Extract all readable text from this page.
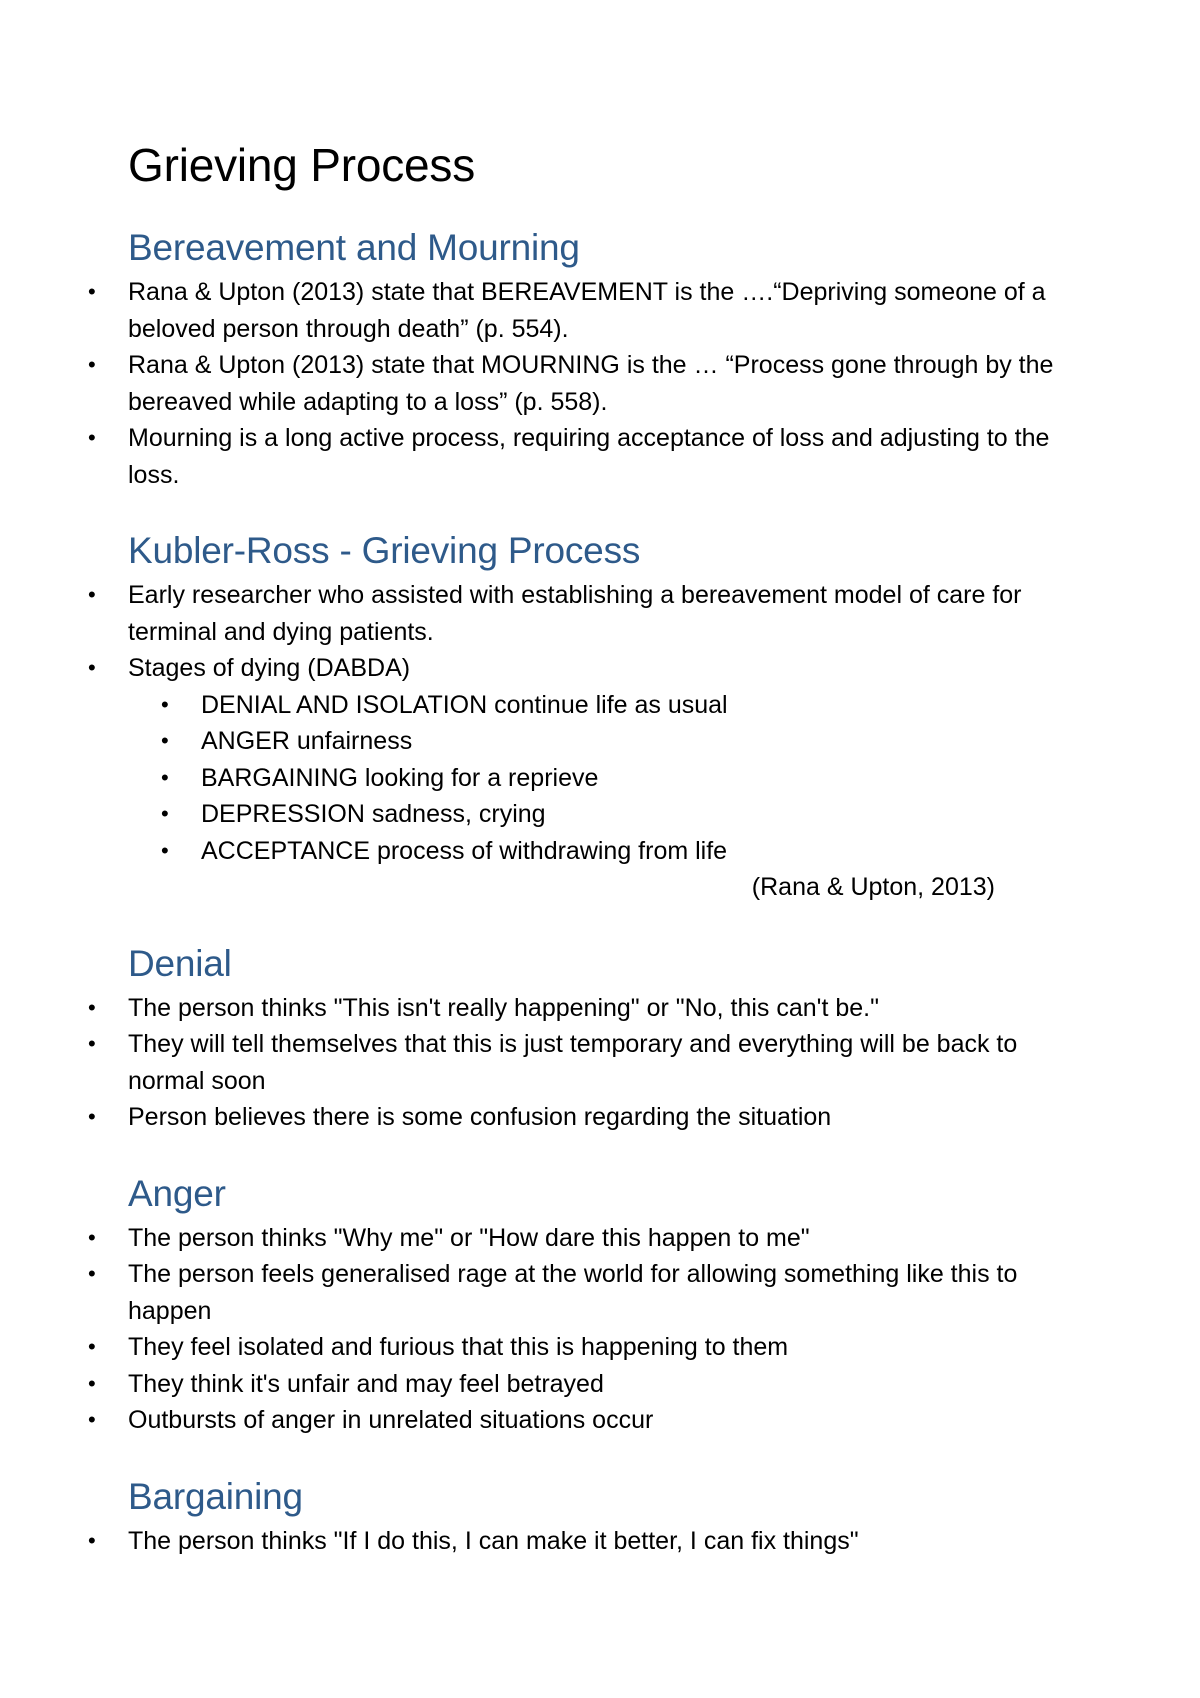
Grieving Process
Bereavement and Mourning
• Rana & Upton (2013) state that BEREAVEMENT is the ….“Depriving someone of a beloved person through death” (p. 554).
• Rana & Upton (2013) state that MOURNING is the … “Process gone through by the bereaved while adapting to a loss” (p. 558).
• Mourning is a long active process, requiring acceptance of loss and adjusting to the loss.
Kubler-Ross - Grieving Process
• Early researcher who assisted with establishing a bereavement model of care for terminal and dying patients.
• Stages of dying (DABDA)
• DENIAL AND ISOLATION continue life as usual
• ANGER unfairness
• BARGAINING looking for a reprieve
• DEPRESSION sadness, crying
• ACCEPTANCE process of withdrawing from life
(Rana & Upton, 2013)
Denial
• The person thinks "This isn't really happening" or "No, this can't be."
• They will tell themselves that this is just temporary and everything will be back to normal soon
• Person believes there is some confusion regarding the situation
Anger
• The person thinks "Why me" or "How dare this happen to me"
• The person feels generalised rage at the world for allowing something like this to happen
• They feel isolated and furious that this is happening to them
• They think it's unfair and may feel betrayed
• Outbursts of anger in unrelated situations occur
Bargaining
• The person thinks "If I do this, I can make it better, I can fix things"
